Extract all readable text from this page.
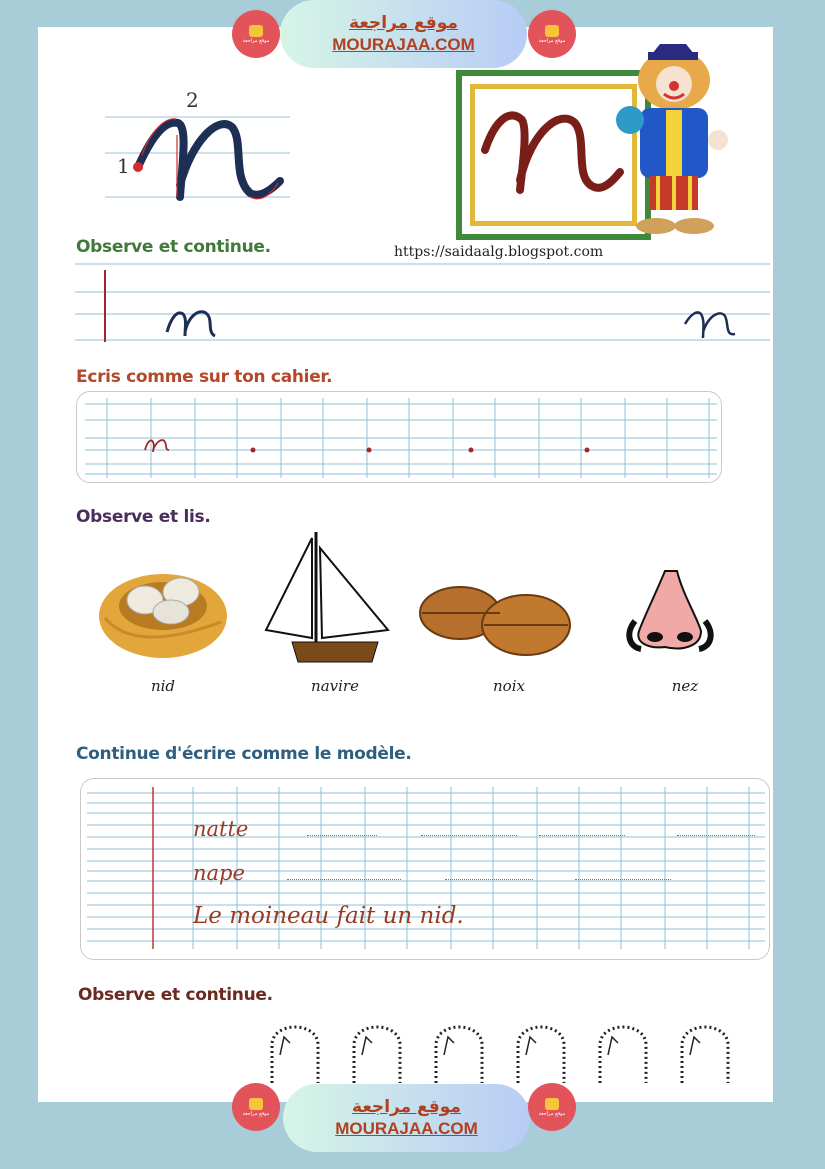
موقع مراجعة
موقع مراجعة
MOURAJAA.COM	موقع مراجعة
1
2
Observe et continue.	https://saidaalg.blogspot.com
Ecris comme sur ton cahier.
Observe et lis.
nid	navire	noix	nez
Continue d'écrire comme le modèle.
natte
nape
Le moineau fait un nid.
Observe et continue.
موقع مراجعة	موقع مراجعة
MOURAJAA.COM
موقع مراجعة
